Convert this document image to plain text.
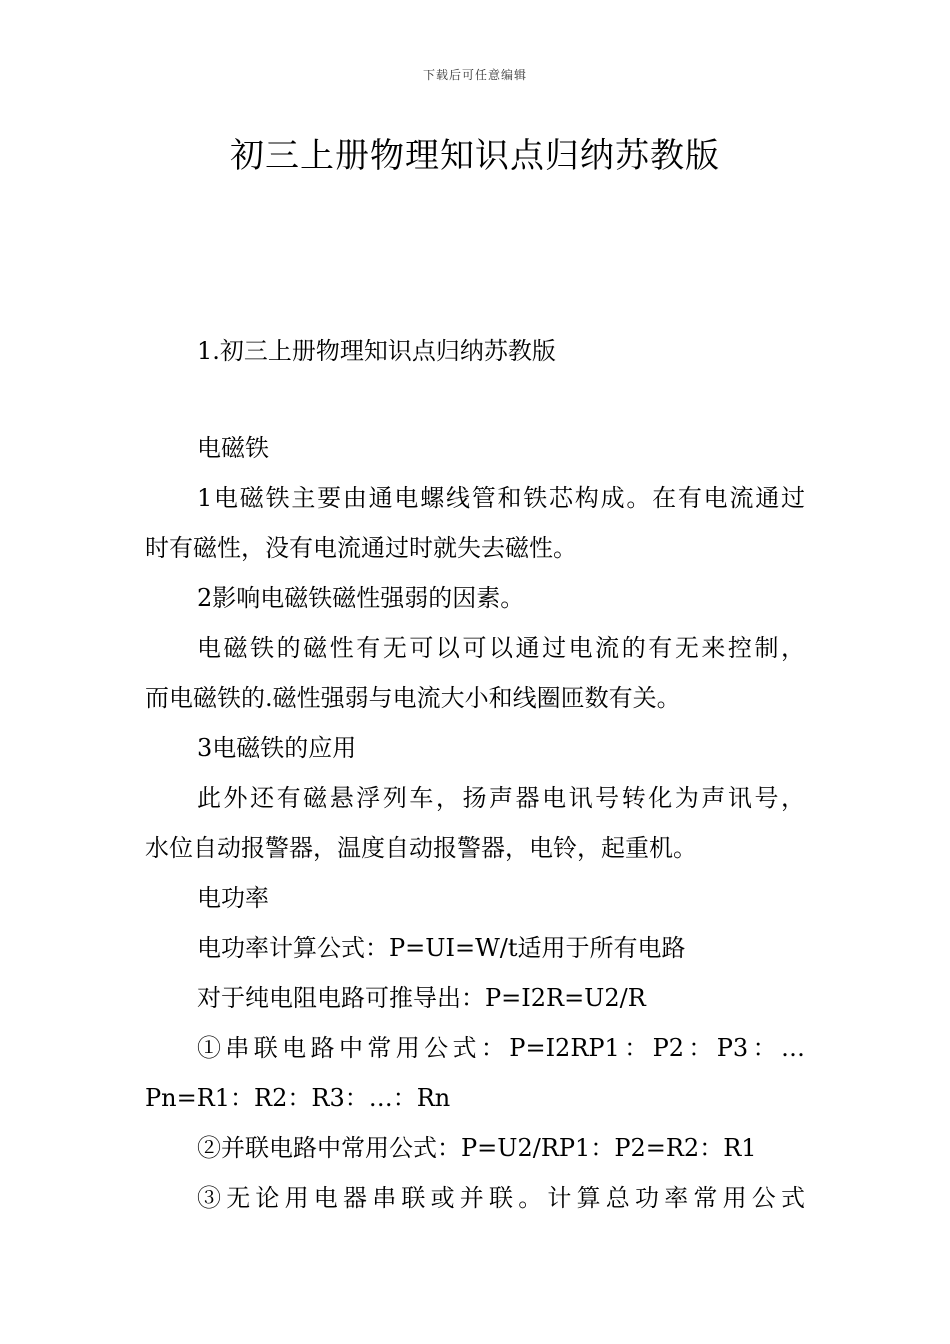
下载后可任意编辑
初三上册物理知识点归纳苏教版
1.初三上册物理知识点归纳苏教版
电磁铁
1电磁铁主要由通电螺线管和铁芯构成。在有电流通过
时有磁性，没有电流通过时就失去磁性。
2影响电磁铁磁性强弱的因素。
电磁铁的磁性有无可以可以通过电流的有无来控制，
而电磁铁的.磁性强弱与电流大小和线圈匝数有关。
3电磁铁的应用
此外还有磁悬浮列车，扬声器电讯号转化为声讯号，
水位自动报警器，温度自动报警器，电铃，起重机。
电功率
电功率计算公式：P=UI=W/t适用于所有电路
对于纯电阻电路可推导出：P=I2R=U2/R
①串联电路中常用公式：P=I2RP1：P2：P3：…
Pn=R1：R2：R3：…：Rn
②并联电路中常用公式：P=U2/RP1：P2=R2：R1
③无论用电器串联或并联。计算总功率常用公式
